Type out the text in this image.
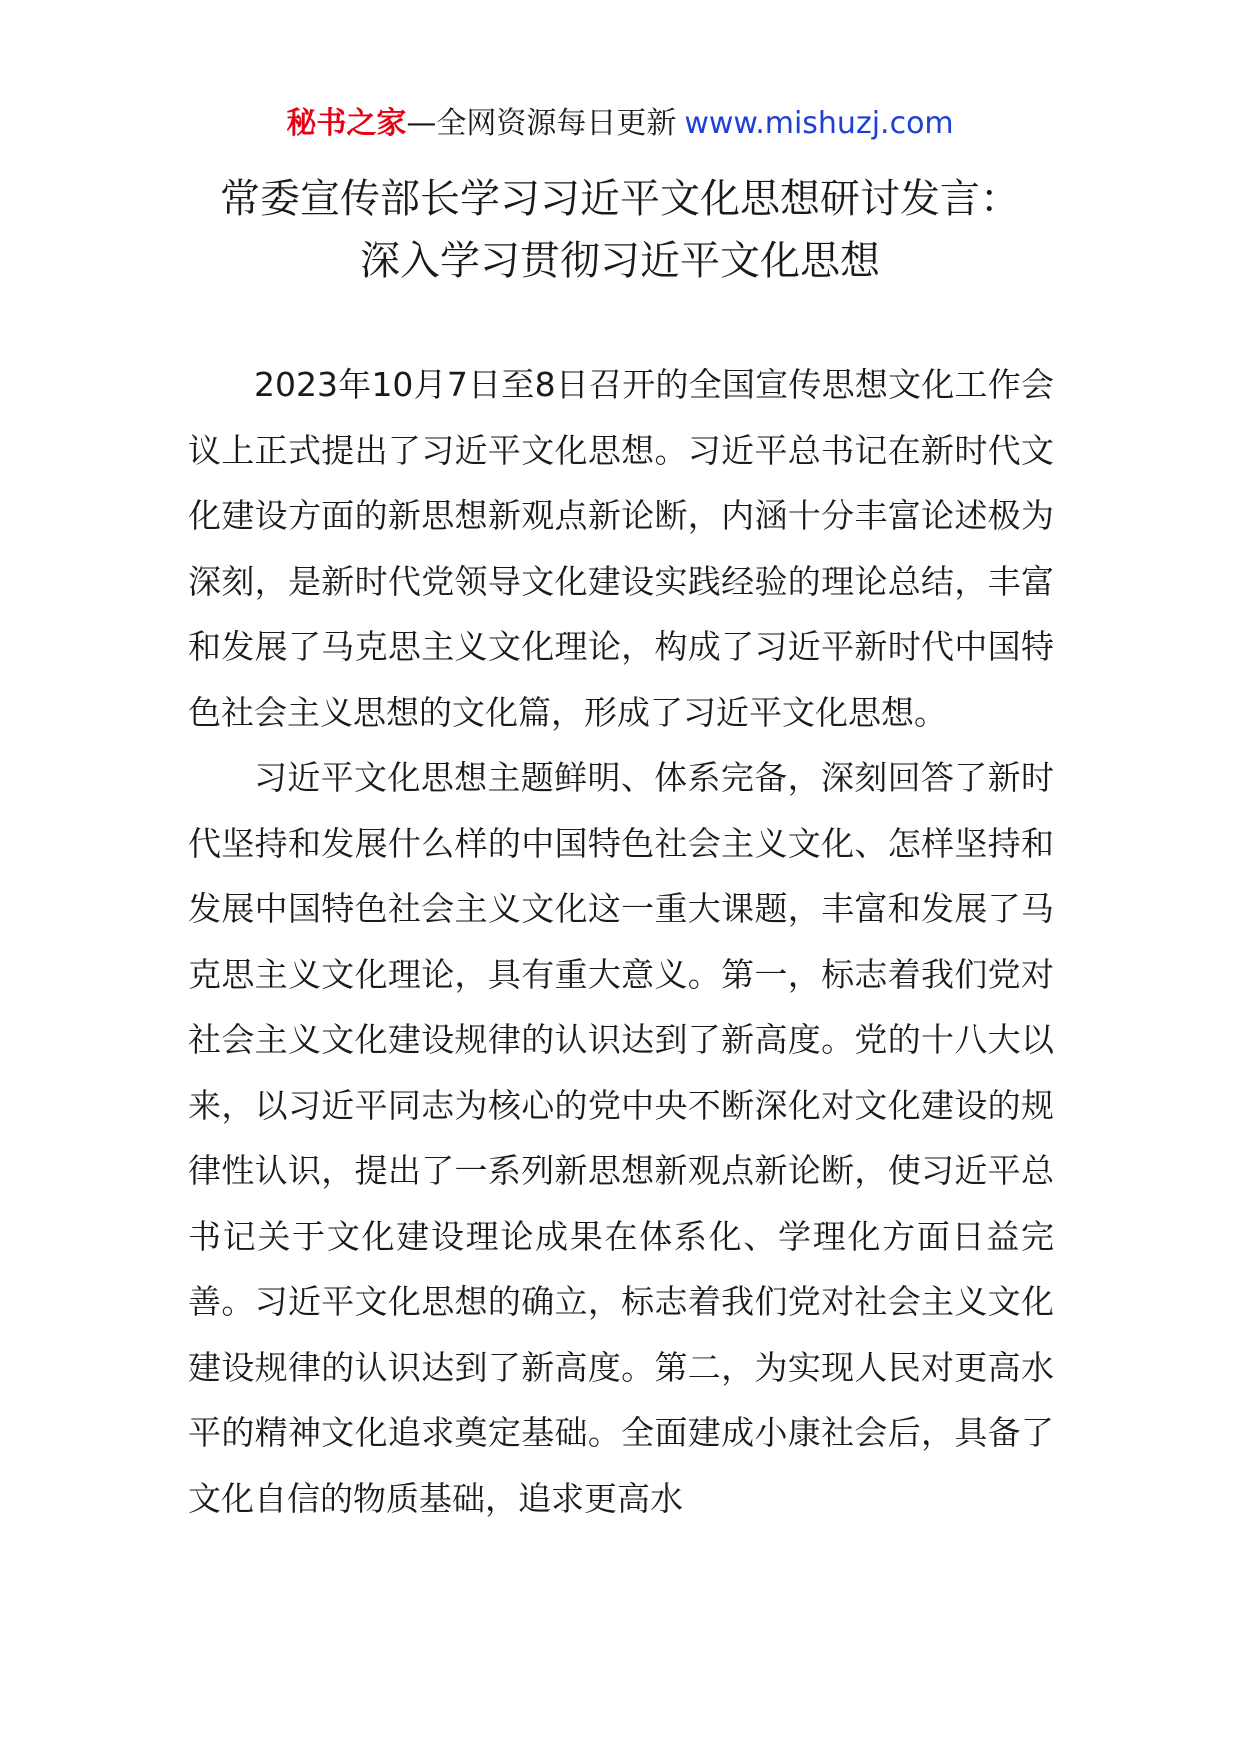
秘书之家—全网资源每日更新 www.mishuzj.com
常委宣传部长学习习近平文化思想研讨发言：
深入学习贯彻习近平文化思想

2023年10月7日至8日召开的全国宣传思想文化工作会议上正式提出了习近平文化思想。习近平总书记在新时代文化建设方面的新思想新观点新论断，内涵十分丰富论述极为深刻，是新时代党领导文化建设实践经验的理论总结，丰富和发展了马克思主义文化理论，构成了习近平新时代中国特色社会主义思想的文化篇，形成了习近平文化思想。

习近平文化思想主题鲜明、体系完备，深刻回答了新时代坚持和发展什么样的中国特色社会主义文化、怎样坚持和发展中国特色社会主义文化这一重大课题，丰富和发展了马克思主义文化理论，具有重大意义。第一，标志着我们党对社会主义文化建设规律的认识达到了新高度。党的十八大以来，以习近平同志为核心的党中央不断深化对文化建设的规律性认识，提出了一系列新思想新观点新论断，使习近平总书记关于文化建设理论成果在体系化、学理化方面日益完善。习近平文化思想的确立，标志着我们党对社会主义文化建设规律的认识达到了新高度。第二，为实现人民对更高水平的精神文化追求奠定基础。全面建成小康社会后，具备了文化自信的物质基础，追求更高水
